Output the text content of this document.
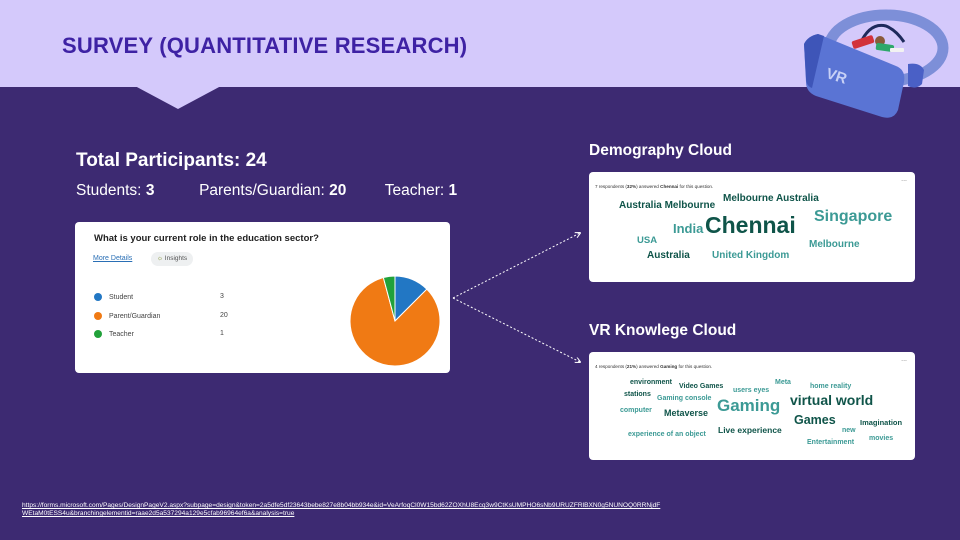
SURVEY (QUANTITATIVE RESEARCH)
VR
Total Participants: 24
Students: 3	Parents/Guardian: 20 Teacher: 1
What is your current role in the education sector?
More Details	☼ Insights
Student	3
Parent/Guardian	20
Teacher	1
Demography Cloud
7 respondents (32%) answered Chennai for this question.
...
Melbourne Australia
Australia Melbourne
Singapore
India Chennai
USA	Melbourne
Australia United Kingdom
VR Knowlege Cloud
4 respondents (21%) answered Gaming for this question.
...
environment
Video Games
users eyes
Meta
home reality
stations
Gaming console Gaming virtual world
computer Metaverse	Games	Imagination
new
Live experience
movies
experience of an object
Entertainment
https://forms.microsoft.com/Pages/DesignPageV2.aspx?subpage=design&token=2a5dfe5df23643bebe827e8b04bb934e&id=VeArfoqCl0W15bd62ZOXhU8Ecq3w9CtKsUMPHO6sNb9URUZFRlBXN0g5NUNOQ0RRNjdFWEtaM0tESS4u&branchingelementid=raae2d5a537294a129e5cfab96964ef6a&analysis=true
